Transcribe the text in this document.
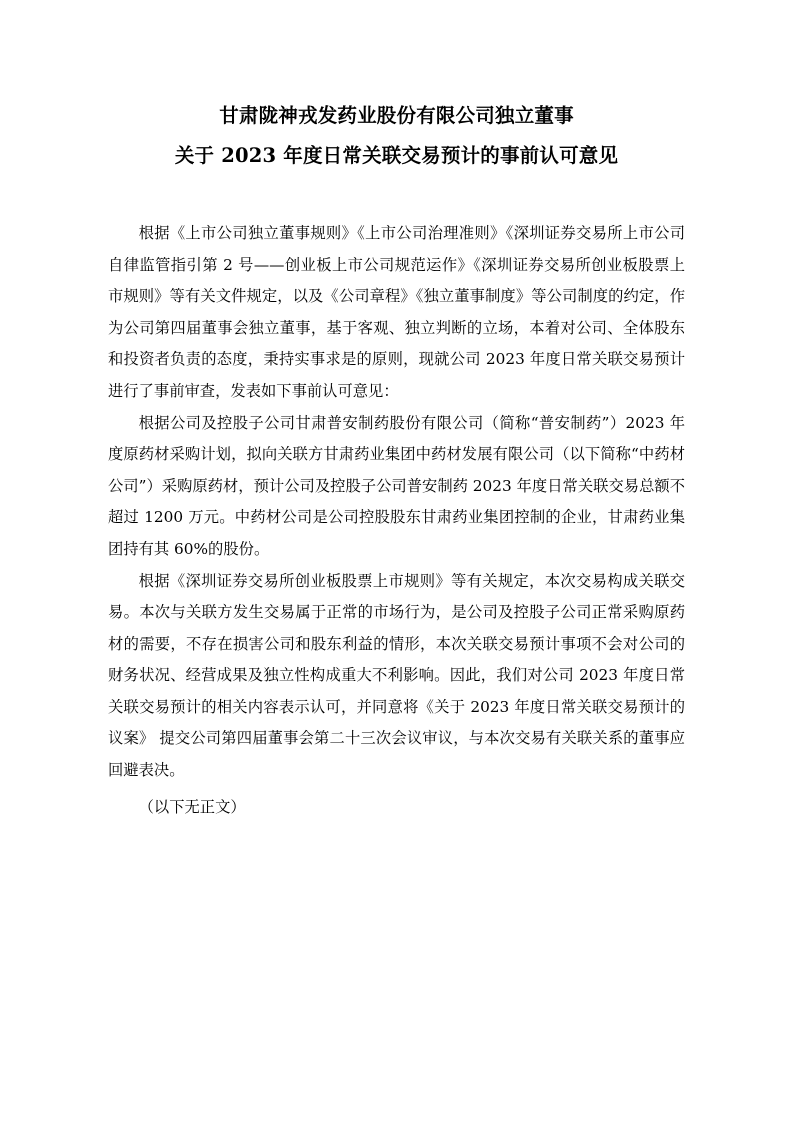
甘肃陇神戎发药业股份有限公司独立董事
关于 2023 年度日常关联交易预计的事前认可意见

根据《上市公司独立董事规则》《上市公司治理准则》《深圳证券交易所上市公司自律监管指引第 2 号——创业板上市公司规范运作》《深圳证券交易所创业板股票上市规则》等有关文件规定，以及《公司章程》《独立董事制度》等公司制度的约定，作为公司第四届董事会独立董事，基于客观、独立判断的立场，本着对公司、全体股东和投资者负责的态度，秉持实事求是的原则，现就公司 2023 年度日常关联交易预计进行了事前审查，发表如下事前认可意见：

根据公司及控股子公司甘肃普安制药股份有限公司（简称“普安制药”）2023 年度原药材采购计划，拟向关联方甘肃药业集团中药材发展有限公司（以下简称“中药材公司”）采购原药材，预计公司及控股子公司普安制药 2023 年度日常关联交易总额不超过 1200 万元。中药材公司是公司控股股东甘肃药业集团控制的企业，甘肃药业集团持有其 60%的股份。

根据《深圳证券交易所创业板股票上市规则》等有关规定，本次交易构成关联交易。本次与关联方发生交易属于正常的市场行为，是公司及控股子公司正常采购原药材的需要，不存在损害公司和股东利益的情形，本次关联交易预计事项不会对公司的财务状况、经营成果及独立性构成重大不利影响。因此，我们对公司 2023 年度日常关联交易预计的相关内容表示认可，并同意将《关于 2023 年度日常关联交易预计的议案》 提交公司第四届董事会第二十三次会议审议，与本次交易有关联关系的董事应回避表决。

（以下无正文）
